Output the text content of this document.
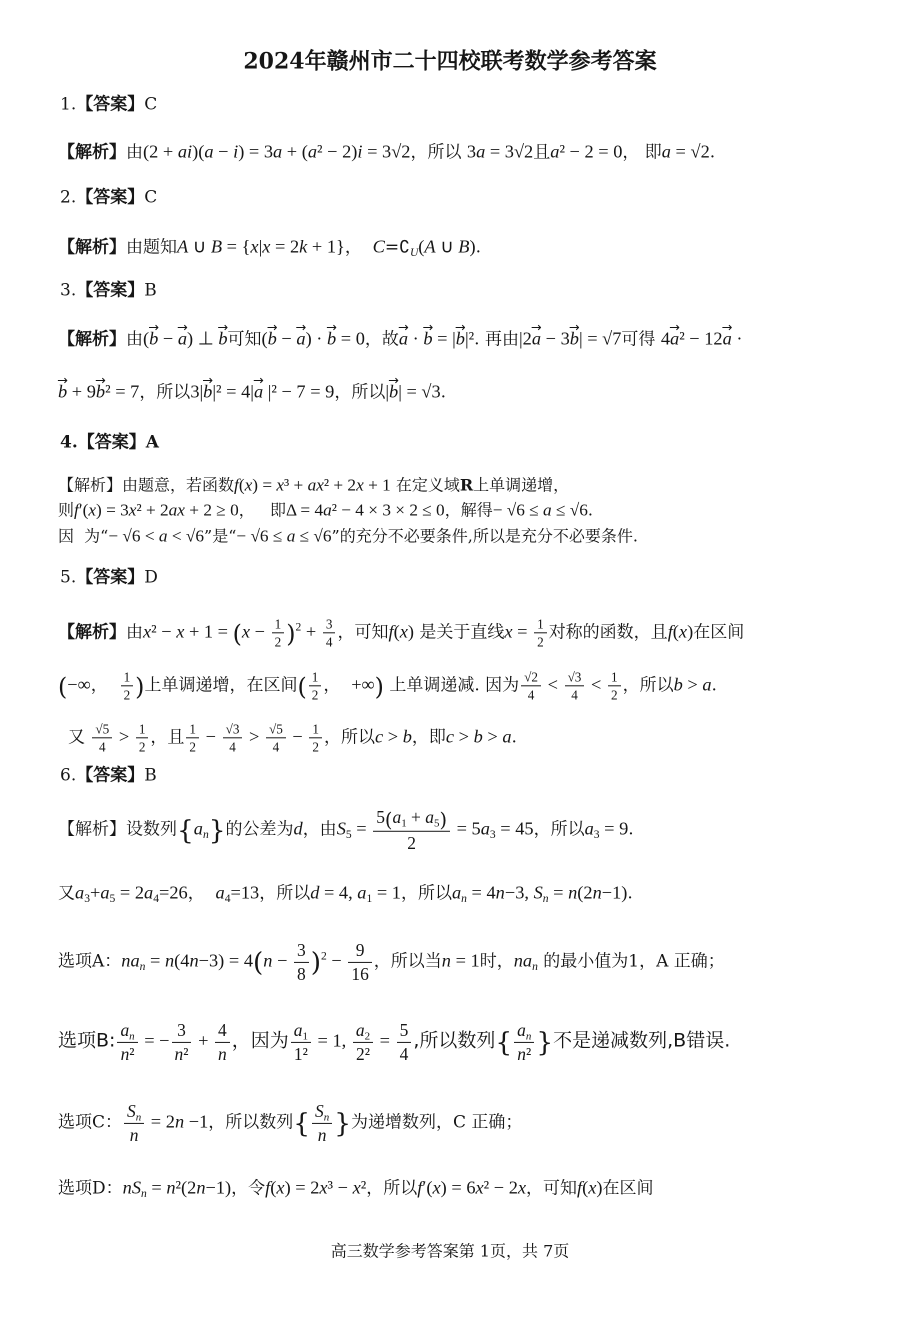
2024年赣州市二十四校联考数学参考答案
1.【答案】C
【解析】由(2 + ai)(a − i) = 3a + (a² − 2)i = 3√2，所以 3a = 3√2且a² − 2 = 0， 即a = √2.
2.【答案】C
【解析】由题知A ∪ B = {x|x = 2k + 1}，  $C=∁_U(A$ ∪ B).
3.【答案】B
【解析】由(b → − a →) ⊥ b →可知(b → − a →) · b → = 0，故a → · b → = |b →|². 再由|2a → − 3b →| = √7可得 4a →² − 12a → ·
b → + 9b →² = 7，所以3|b →|² = 4|a → |² − 7 = 9，所以|b →| = √3.
4.【答案】A
【解析】由题意，若函数f(x) = x³ + ax² + 2x + 1 在定义域R上单调递增，
则f′(x) = 3x² + 2ax + 2 ≥ 0，   即Δ = 4a² − 4 × 3 × 2 ≤ 0，解得− √6 ≤ a ≤ √6.
因  为“− √6 < a < √6”是“− √6 ≤ a ≤ √6”的充分不必要条件,所以是充分不必要条件.
5.【答案】D
【解析】由$x^2 - x + 1 = (x - \frac{1}{2} )^2 + \frac{3}{4}$ ，可知f(x) 是关于直线$x = \frac{1}{2}$ 对称的函数，且f(x)在区间
(−∞， $\frac{1}{2}$ )上单调递增，在区间( $\frac{1}{2}$ ，  +∞) 上单调递减. 因为 $\frac{√2}{4} < \frac{√3}{4} < \frac{1}{2}$ ，所以b > a.
又 $\frac{√5}{4} > \frac{1}{2}$ ，且 $\frac{1}{2} - \frac{√3}{4} > \frac{√5}{4} - \frac{1}{2}$ ，所以c > b，即c > b > a.
6.【答案】B
【解析】设数列$\{a_n\}$的公差为d，由$S_5 = \frac{5(a_1 + a_5)}{2} = 5a_3 = 45$，所以$a_3 = 9$.
又$a_3+a_5 = 2a_4=26$，  $a_4=13$，所以d = 4, $a_1 = 1$，所以$a_n = 4n-3$, $S_n = n(2n-1)$.
选项A：$na_n = n(4n-3) = 4(n - \frac{3}{8} )^2 - \frac{9}{16}$ ，所以当n = 1时，$na_n$ 的最小值为1，A 正确；
选项B: $\frac{a_n}{\text{n²}}$ = − $\frac{3}{\text{n²}} + \frac{4}{n}$ ，因为 $\frac{a_1}{\text{1²}} = 1$, $\frac{a_2}{\text{2²}} = \frac{5}{4}$ ,所以数列{ $\frac{a_n}{\text{n²}}$ }不是递减数列,B错误.
选项C： $\frac{S_n}{n} = 2n -1$，所以数列{ $\frac{S_n}{n}$ }为递增数列，C 正确；
选项D：$nS_n = n^2(2n-1)$，令f(x) = 2x³ − x²，所以f′(x) = 6x² − 2x，可知f(x)在区间
高三数学参考答案第 1页，共 7页
